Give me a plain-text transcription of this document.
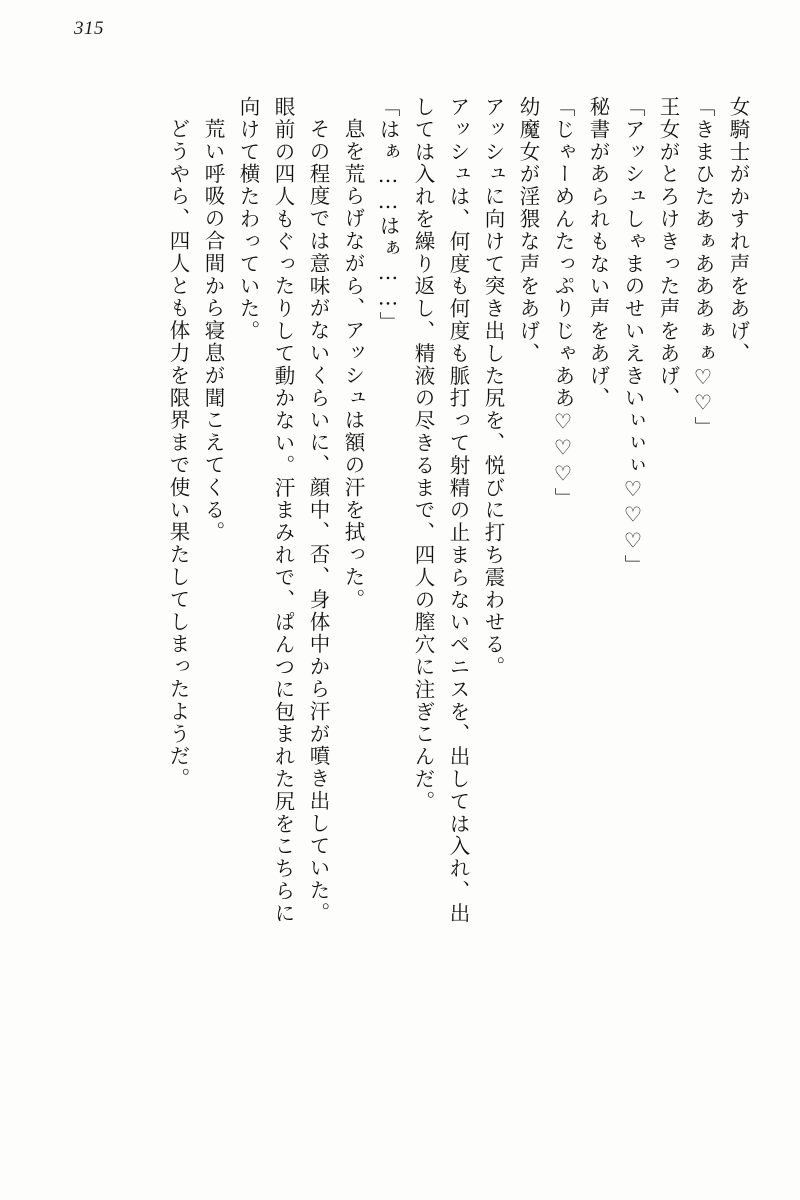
315
女騎士がかすれ声をあげ、
「きまひたあぁあああぁぁ♡♡」
王女がとろけきった声をあげ、
「アッシュしゃまのせいえきいぃぃぃ♡♡♡」
秘書があられもない声をあげ、
「じゃーめんたっぷりじゃああ♡♡♡」
幼魔女が淫猥な声をあげ、
アッシュに向けて突き出した尻を、悦びに打ち震わせる。
アッシュは、何度も何度も脈打って射精の止まらないペニスを、出しては入れ、出
しては入れを繰り返し、精液の尽きるまで、四人の膣穴に注ぎこんだ。
「はぁ……はぁ……」
息を荒らげながら、アッシュは額の汗を拭った。
その程度では意味がないくらいに、顔中、否、身体中から汗が噴き出していた。
眼前の四人もぐったりして動かない。汗まみれで、ぱんつに包まれた尻をこちらに
向けて横たわっていた。
荒い呼吸の合間から寝息が聞こえてくる。
どうやら、四人とも体力を限界まで使い果たしてしまったようだ。
